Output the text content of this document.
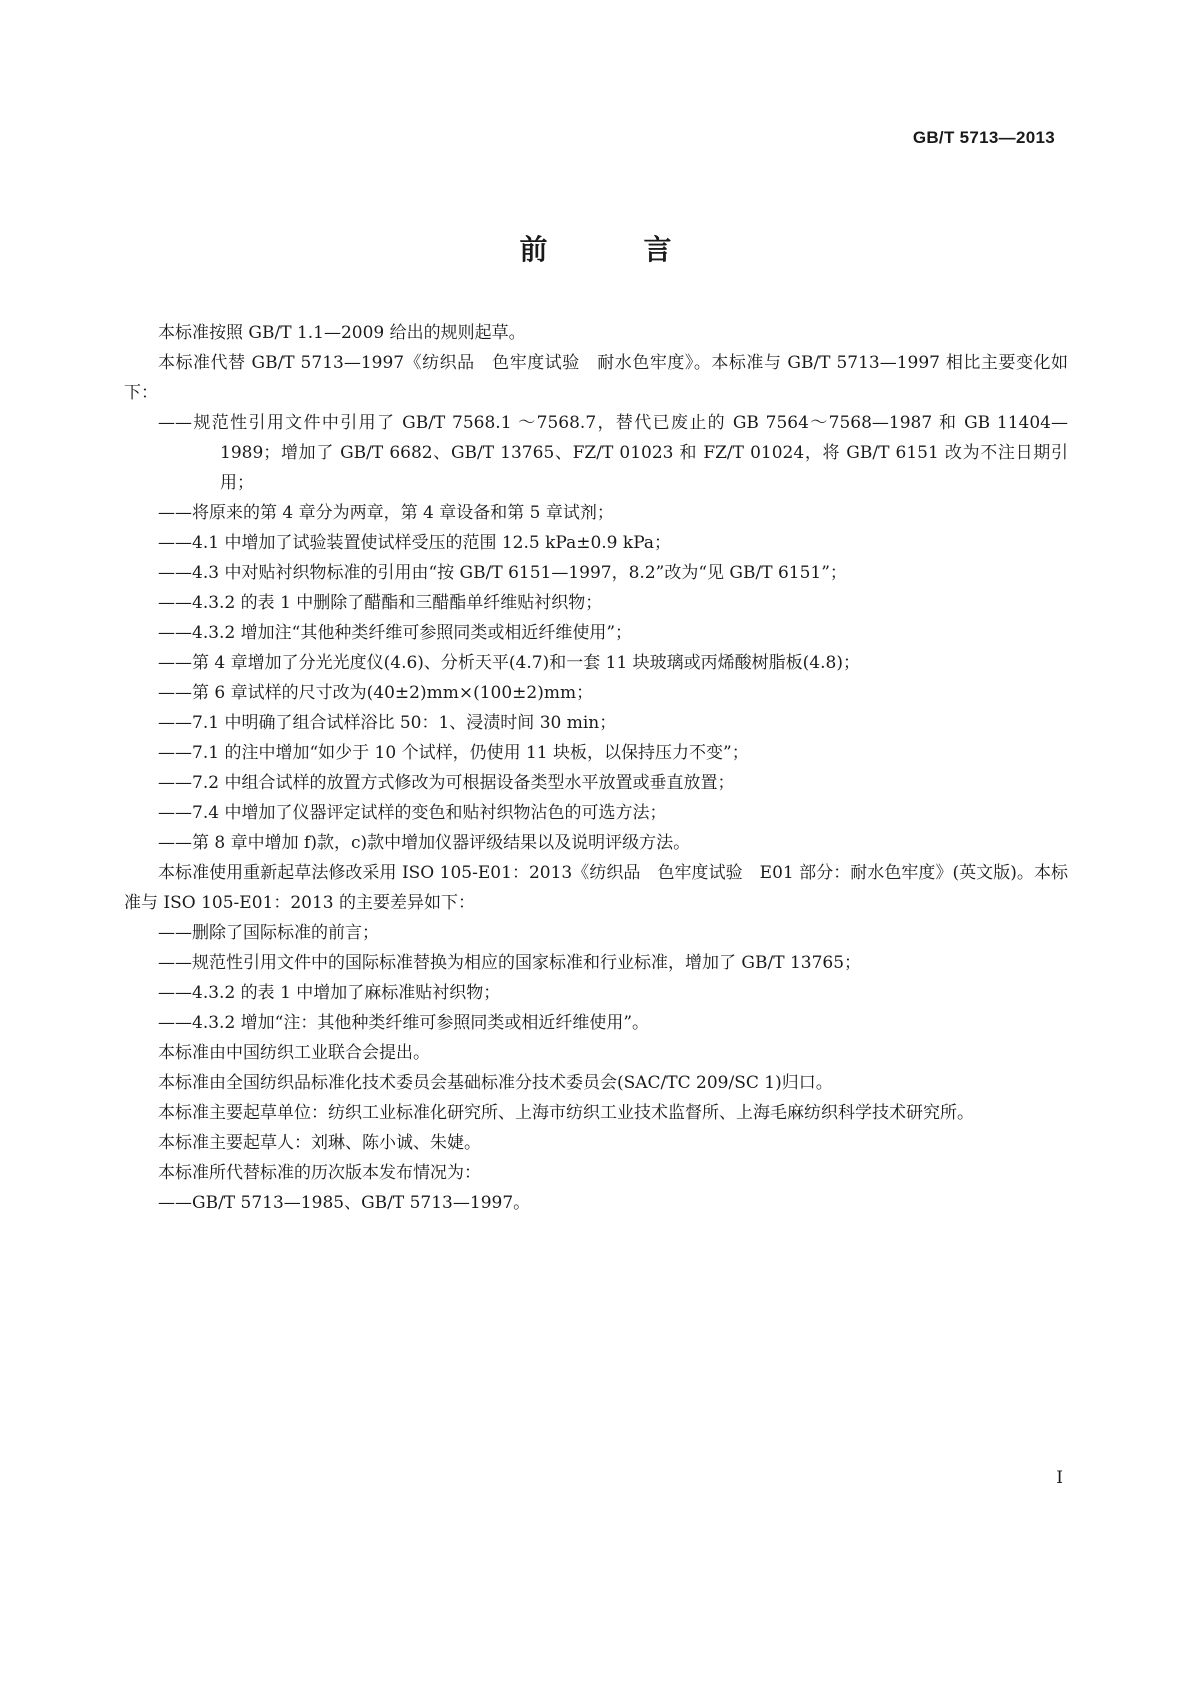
GB/T 5713—2013
前　言

本标准按照 GB/T 1.1—2009 给出的规则起草。

本标准代替 GB/T 5713—1997《纺织品　色牢度试验　耐水色牢度》。本标准与 GB/T 5713—1997 相比主要变化如下：

——规范性引用文件中引用了 GB/T 7568.1 ～7568.7，替代已废止的 GB 7564～7568—1987 和 GB 11404—1989；增加了 GB/T 6682、GB/T 13765、FZ/T 01023 和 FZ/T 01024，将 GB/T 6151 改为不注日期引用；

——将原来的第 4 章分为两章，第 4 章设备和第 5 章试剂；

——4.1 中增加了试验装置使试样受压的范围 12.5 kPa±0.9 kPa；

——4.3 中对贴衬织物标准的引用由“按 GB/T 6151—1997，8.2”改为“见 GB/T 6151”；

——4.3.2 的表 1 中删除了醋酯和三醋酯单纤维贴衬织物；

——4.3.2 增加注“其他种类纤维可参照同类或相近纤维使用”；

——第 4 章增加了分光光度仪(4.6)、分析天平(4.7)和一套 11 块玻璃或丙烯酸树脂板(4.8)；

——第 6 章试样的尺寸改为(40±2)mm×(100±2)mm；

——7.1 中明确了组合试样浴比 50：1、浸渍时间 30 min；

——7.1 的注中增加“如少于 10 个试样，仍使用 11 块板，以保持压力不变”；

——7.2 中组合试样的放置方式修改为可根据设备类型水平放置或垂直放置；

——7.4 中增加了仪器评定试样的变色和贴衬织物沾色的可选方法；

——第 8 章中增加 f)款，c)款中增加仪器评级结果以及说明评级方法。

本标准使用重新起草法修改采用 ISO 105-E01：2013《纺织品　色牢度试验　E01 部分：耐水色牢度》(英文版)。本标准与 ISO 105-E01：2013 的主要差异如下：

——删除了国际标准的前言；

——规范性引用文件中的国际标准替换为相应的国家标准和行业标准，增加了 GB/T 13765；

——4.3.2 的表 1 中增加了麻标准贴衬织物；

——4.3.2 增加“注：其他种类纤维可参照同类或相近纤维使用”。

本标准由中国纺织工业联合会提出。

本标准由全国纺织品标准化技术委员会基础标准分技术委员会(SAC/TC 209/SC 1)归口。

本标准主要起草单位：纺织工业标准化研究所、上海市纺织工业技术监督所、上海毛麻纺织科学技术研究所。

本标准主要起草人：刘琳、陈小诚、朱婕。

本标准所代替标准的历次版本发布情况为：

——GB/T 5713—1985、GB/T 5713—1997。

I
